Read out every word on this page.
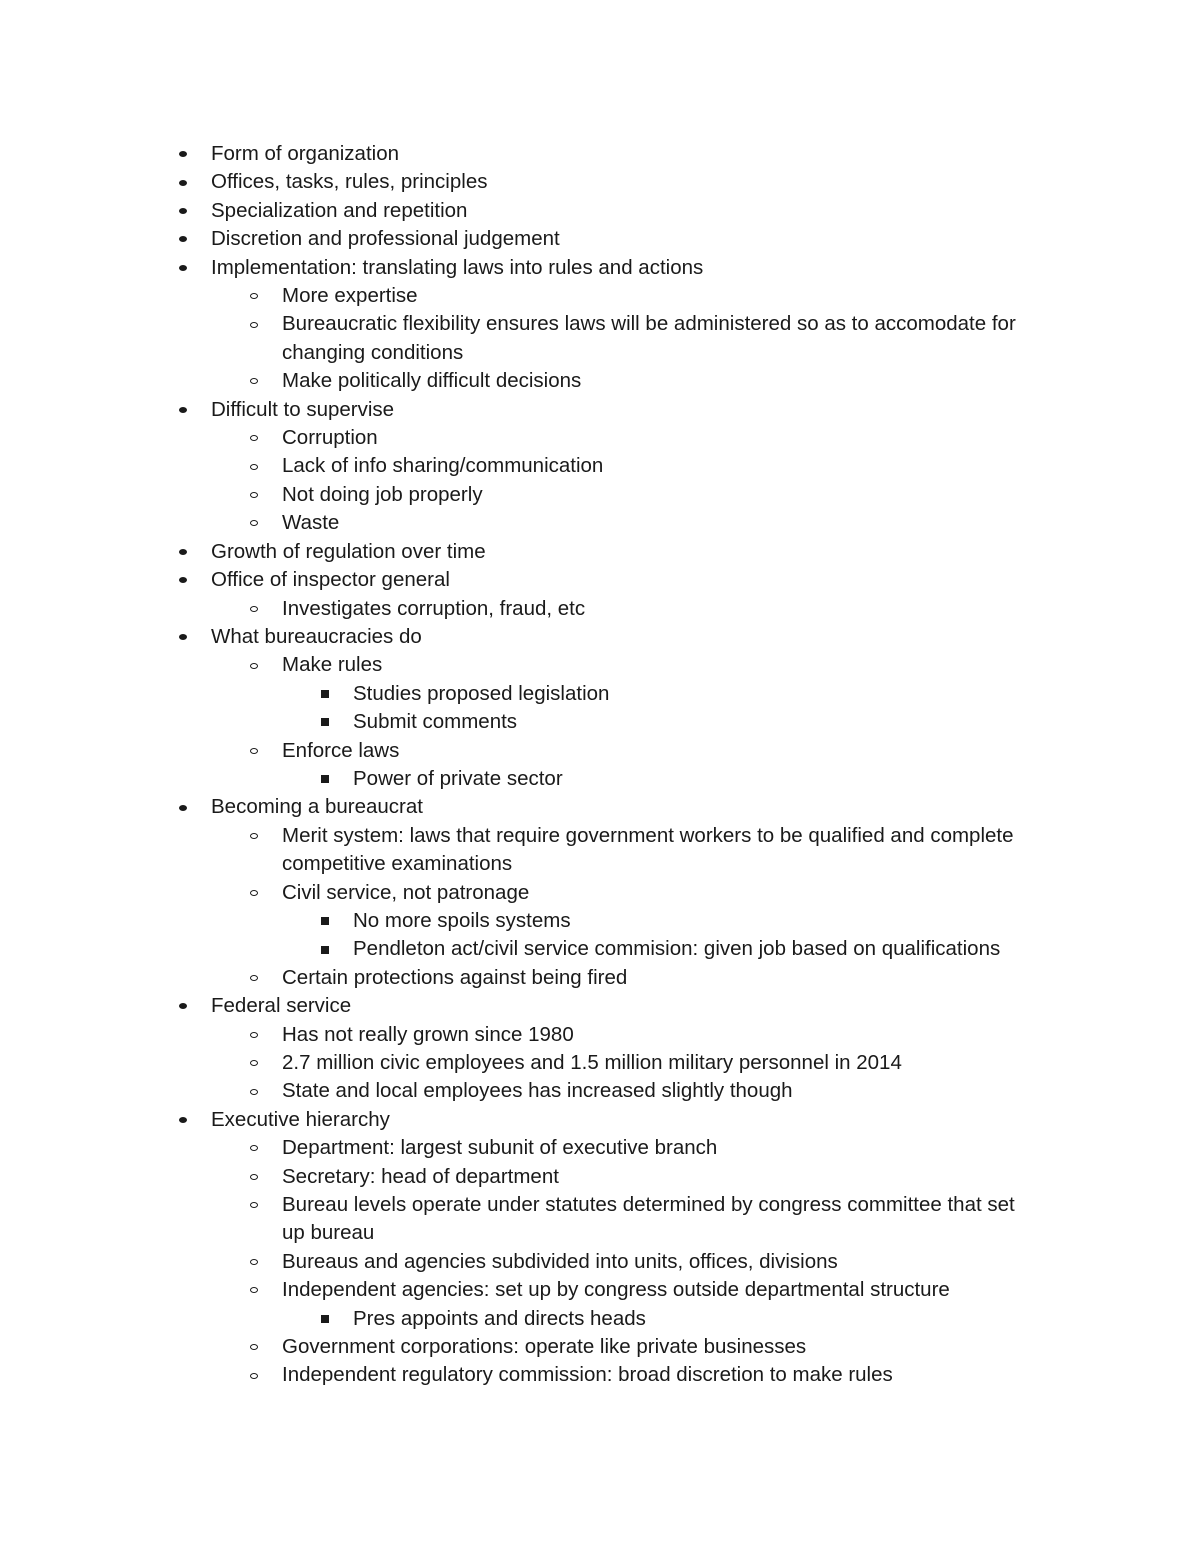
Form of organization
Offices, tasks, rules, principles
Specialization and repetition
Discretion and professional judgement
Implementation: translating laws into rules and actions
More expertise
Bureaucratic flexibility ensures laws will be administered so as to accomodate for
changing conditions
Make politically difficult decisions
Difficult to supervise
Corruption
Lack of info sharing/communication
Not doing job properly
Waste
Growth of regulation over time
Office of inspector general
Investigates corruption, fraud, etc
What bureaucracies do
Make rules
Studies proposed legislation
Submit comments
Enforce laws
Power of private sector
Becoming a bureaucrat
Merit system: laws that require government workers to be qualified and complete
competitive examinations
Civil service, not patronage
No more spoils systems
Pendleton act/civil service commision: given job based on qualifications
Certain protections against being fired
Federal service
Has not really grown since 1980
2.7 million civic employees and 1.5 million military personnel in 2014
State and local employees has increased slightly though
Executive hierarchy
Department: largest subunit of executive branch
Secretary: head of department
Bureau levels operate under statutes determined by congress committee that set
up bureau
Bureaus and agencies subdivided into units, offices, divisions
Independent agencies: set up by congress outside departmental structure
Pres appoints and directs heads
Government corporations: operate like private businesses
Independent regulatory commission: broad discretion to make rules
